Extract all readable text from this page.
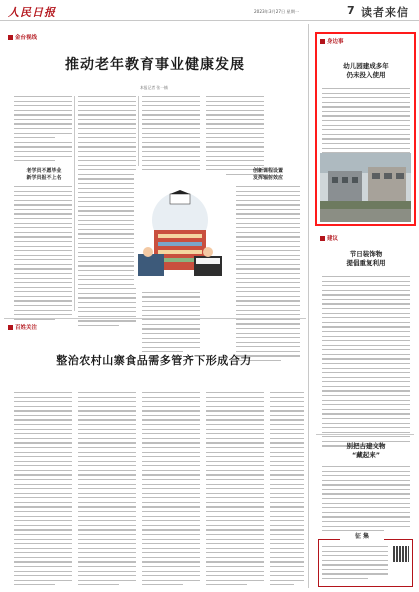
人民日报	2023年3月27日 星期一	7 读者来信
金台视线
推动老年教育事业健康发展
本报记者 张一楠
老学员不愿毕业
新学员报不上名

创新课程设置
发挥辐射效应
百姓关注
整治农村山寨食品需多管齐下形成合力
身边事
幼儿园建成多年
仍未投入使用
建议
节日装饰物
提倡重复利用
别把古建文物
“藏起来”
征 集
